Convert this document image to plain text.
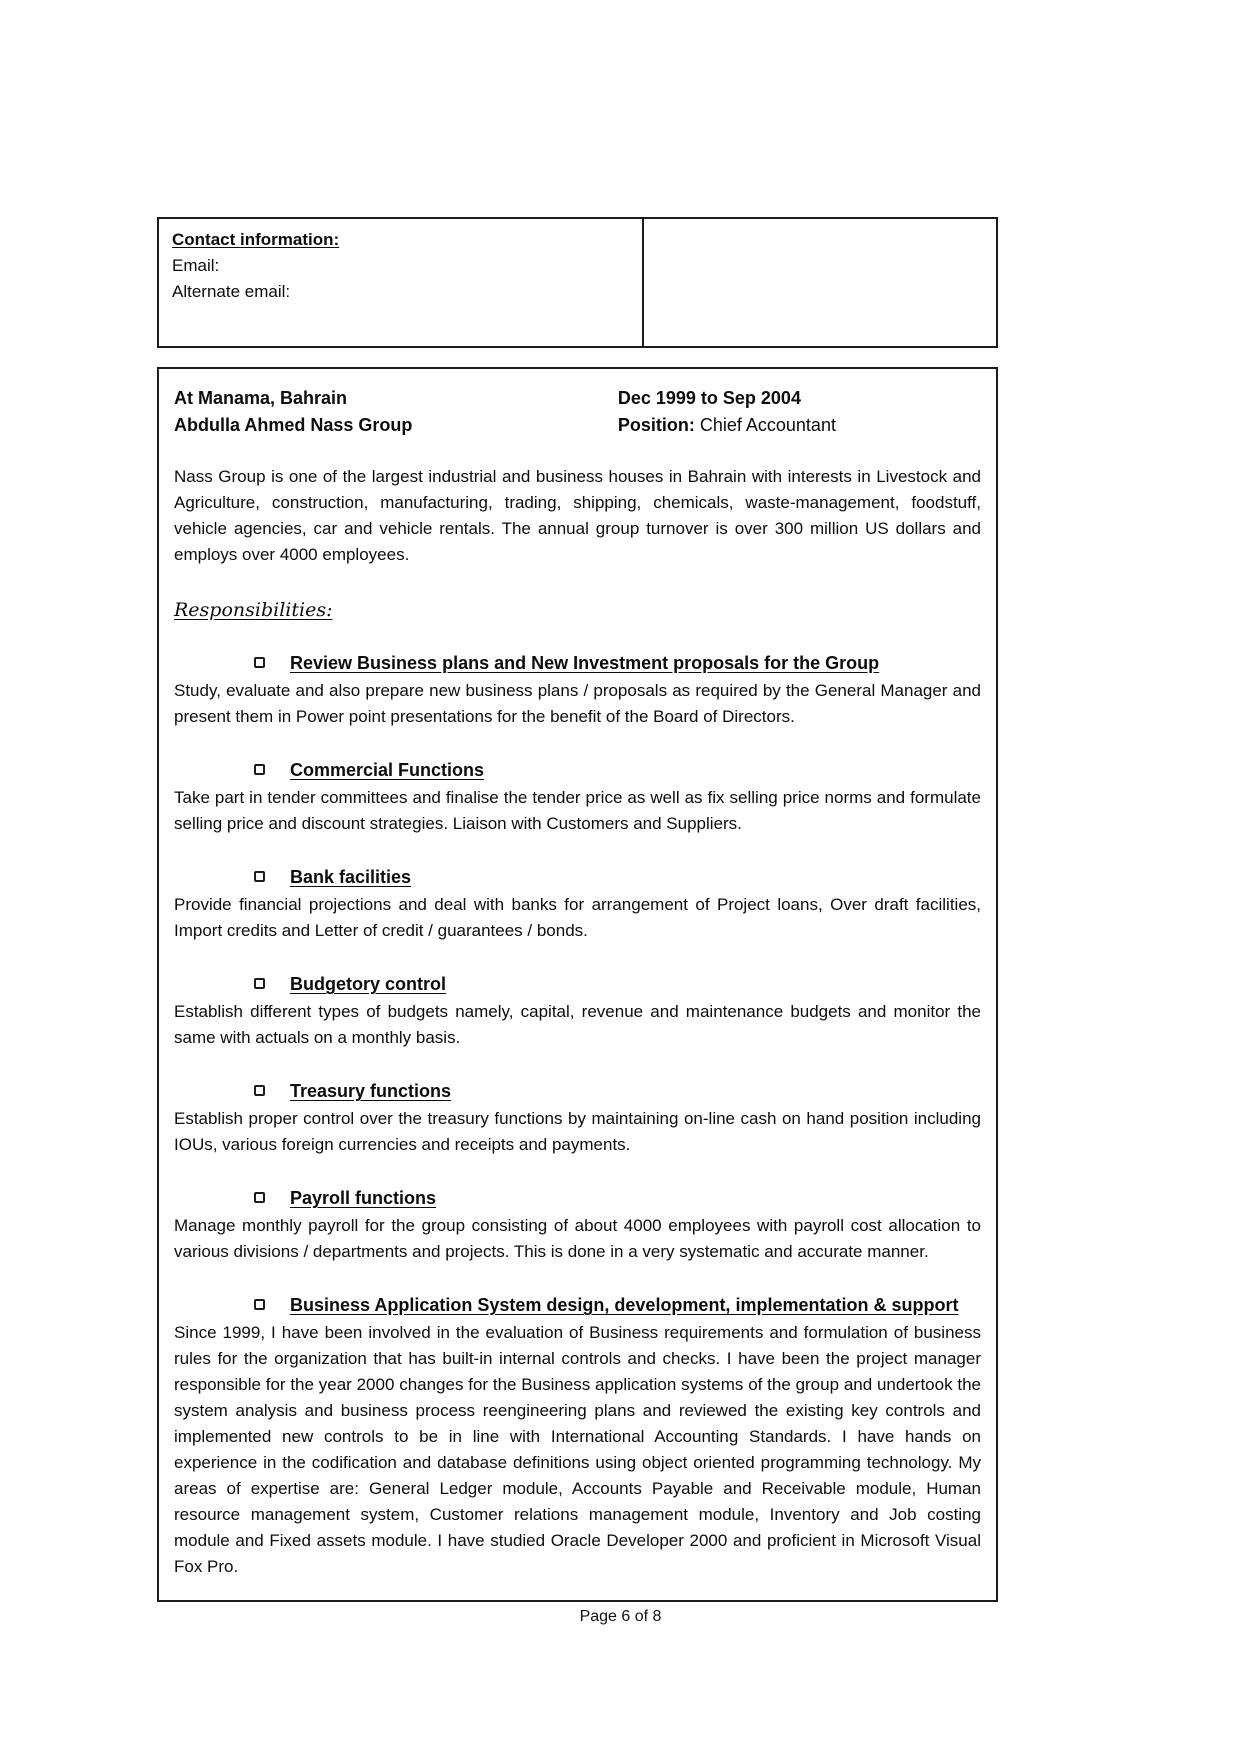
Contact information:
Email:
Alternate email:
At Manama, Bahrain
Abdulla Ahmed Nass Group
Dec 1999 to Sep 2004
Position: Chief Accountant

Nass Group is one of the largest industrial and business houses in Bahrain with interests in Livestock and Agriculture, construction, manufacturing, trading, shipping, chemicals, waste-management, foodstuff, vehicle agencies, car and vehicle rentals. The annual group turnover is over 300 million US dollars and employs over 4000 employees.

Responsibilities:
Review Business plans and New Investment proposals for the Group

Study, evaluate and also prepare new business plans / proposals as required by the General Manager and present them in Power point presentations for the benefit of the Board of Directors.

Commercial Functions

Take part in tender committees and finalise the tender price as well as fix selling price norms and formulate selling price and discount strategies. Liaison with Customers and Suppliers.

Bank facilities

Provide financial projections and deal with banks for arrangement of Project loans, Over draft facilities, Import credits and Letter of credit / guarantees / bonds.

Budgetory control

Establish different types of budgets namely, capital, revenue and maintenance budgets and monitor the same with actuals on a monthly basis.

Treasury functions

Establish proper control over the treasury functions by maintaining on-line cash on hand position including IOUs, various foreign currencies and receipts and payments.

Payroll functions

Manage monthly payroll for the group consisting of about 4000 employees with payroll cost allocation to various divisions / departments and projects. This is done in a very systematic and accurate manner.

Business Application System design, development, implementation & support

Since 1999, I have been involved in the evaluation of Business requirements and formulation of business rules for the organization that has built-in internal controls and checks. I have been the project manager responsible for the year 2000 changes for the Business application systems of the group and undertook the system analysis and business process reengineering plans and reviewed the existing key controls and implemented new controls to be in line with International Accounting Standards. I have hands on experience in the codification and database definitions using object oriented programming technology. My areas of expertise are: General Ledger module, Accounts Payable and Receivable module, Human resource management system, Customer relations management module, Inventory and Job costing module and Fixed assets module. I have studied Oracle Developer 2000 and proficient in Microsoft Visual Fox Pro.

Page 6 of 8
